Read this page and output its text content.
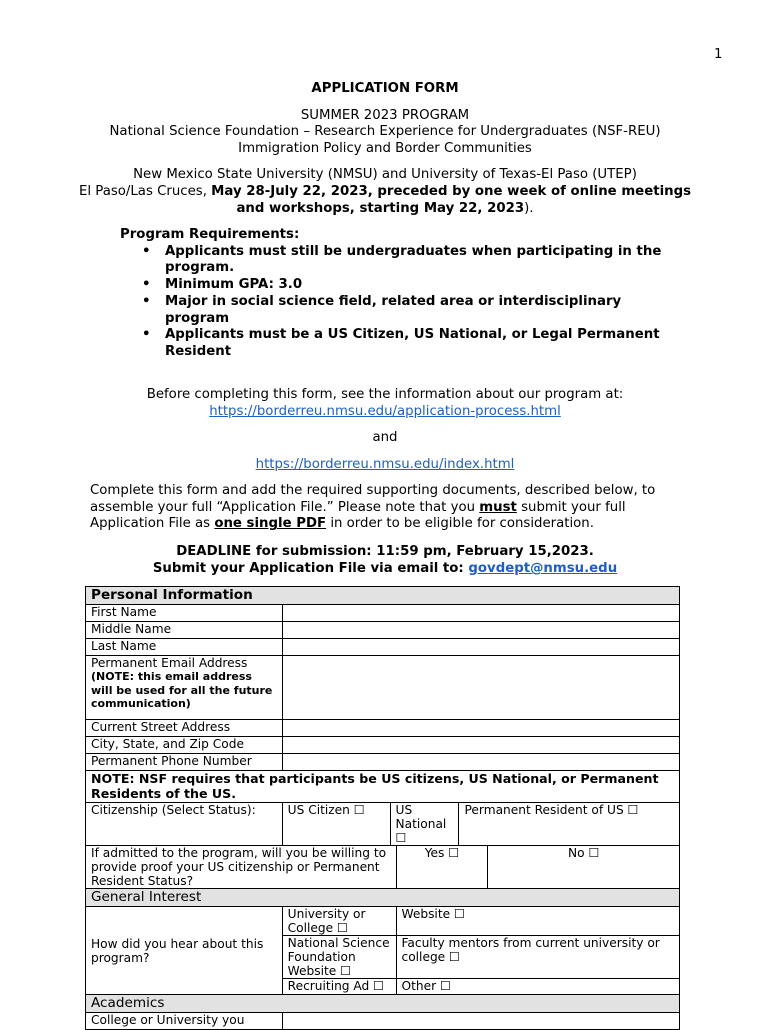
1
APPLICATION FORM
SUMMER 2023 PROGRAM
National Science Foundation – Research Experience for Undergraduates (NSF-REU)
Immigration Policy and Border Communities
New Mexico State University (NMSU) and University of Texas-El Paso (UTEP)
El Paso/Las Cruces, May 28-July 22, 2023, preceded by one week of online meetings
and workshops, starting May 22, 2023).
Program Requirements:
• Applicants must still be undergraduates when participating in the program.
• Minimum GPA: 3.0
• Major in social science field, related area or interdisciplinary program
• Applicants must be a US Citizen, US National, or Legal Permanent Resident
Before completing this form, see the information about our program at:
https://borderreu.nmsu.edu/application-process.html
and
https://borderreu.nmsu.edu/index.html
Complete this form and add the required supporting documents, described below, to assemble your full “Application File.” Please note that you must submit your full Application File as one single PDF in order to be eligible for consideration.
DEADLINE for submission: 11:59 pm, February 15,2023.
Submit your Application File via email to: govdept@nmsu.edu
Personal Information					
First Name					
Middle Name					
Last Name					

Permanent Email Address
(NOTE: this email address will be used for all the future communication)					

Current Street Address					
City, State, and Zip Code					
Permanent Phone Number					
NOTE: NSF requires that participants be US citizens, US National, or Permanent Residents of the US.					
Citizenship (Select Status):	US Citizen ☐	US National ☐		Permanent Resident of US ☐	
If admitted to the program, will you be willing to provide proof your US citizenship or Permanent Resident Status?			Yes ☐		No ☐
General Interest					
How did you hear about this program?	University or College ☐		Website ☐		
	National Science Foundation Website ☐		Faculty mentors from current university or college ☐		
	Recruiting Ad ☐		Other ☐		
Academics					
College or University you					
